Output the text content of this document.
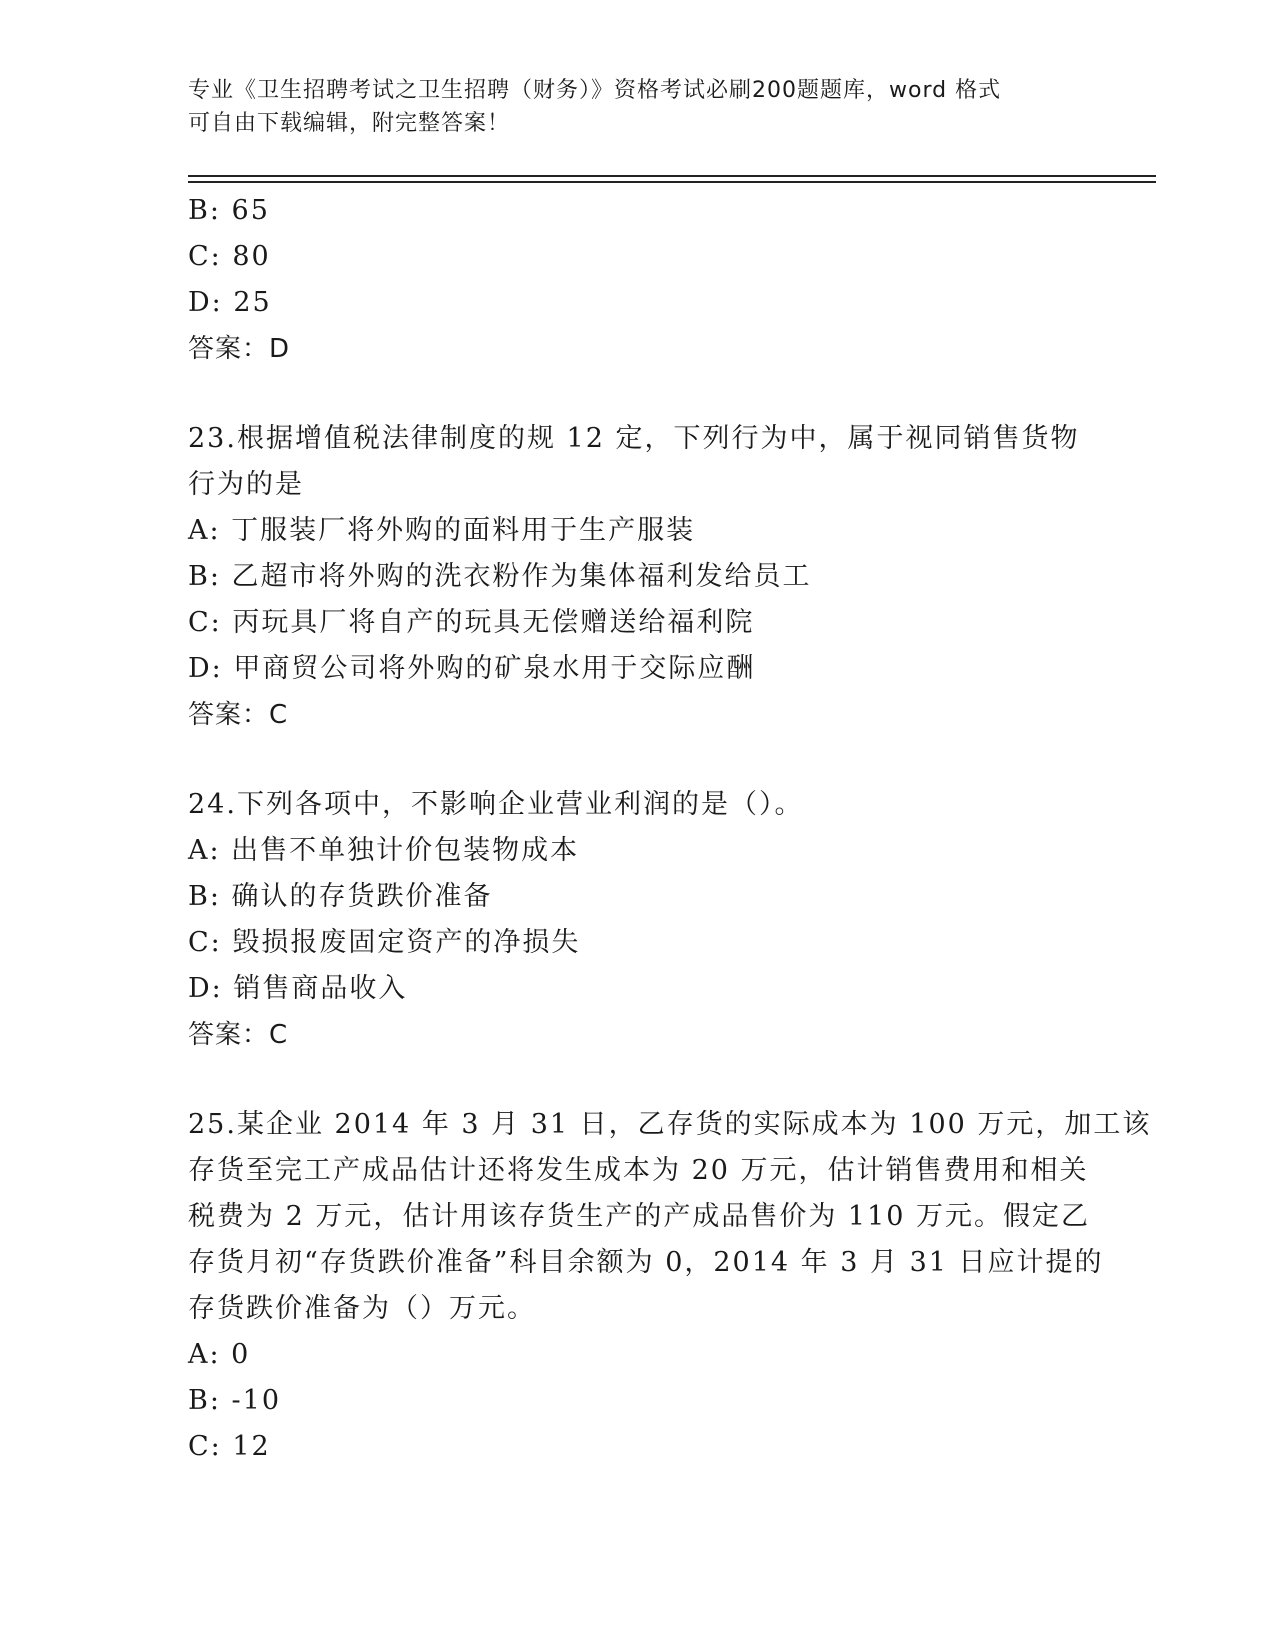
专业《卫生招聘考试之卫生招聘（财务）》资格考试必刷200题题库，word 格式
可自由下载编辑，附完整答案！
B: 65
C: 80
D: 25
答案：D
23.根据增值税法律制度的规 12 定，下列行为中，属于视同销售货物
行为的是
A: 丁服装厂将外购的面料用于生产服装
B: 乙超市将外购的洗衣粉作为集体福利发给员工
C: 丙玩具厂将自产的玩具无偿赠送给福利院
D: 甲商贸公司将外购的矿泉水用于交际应酬
答案：C
24.下列各项中，不影响企业营业利润的是（）。
A: 出售不单独计价包装物成本
B: 确认的存货跌价准备
C: 毁损报废固定资产的净损失
D: 销售商品收入
答案：C
25.某企业 2014 年 3 月 31 日，乙存货的实际成本为 100 万元，加工该
存货至完工产成品估计还将发生成本为 20 万元，估计销售费用和相关
税费为 2 万元，估计用该存货生产的产成品售价为 110 万元。假定乙
存货月初“存货跌价准备”科目余额为 0，2014 年 3 月 31 日应计提的
存货跌价准备为（）万元。
A: 0
B: -10
C: 12
